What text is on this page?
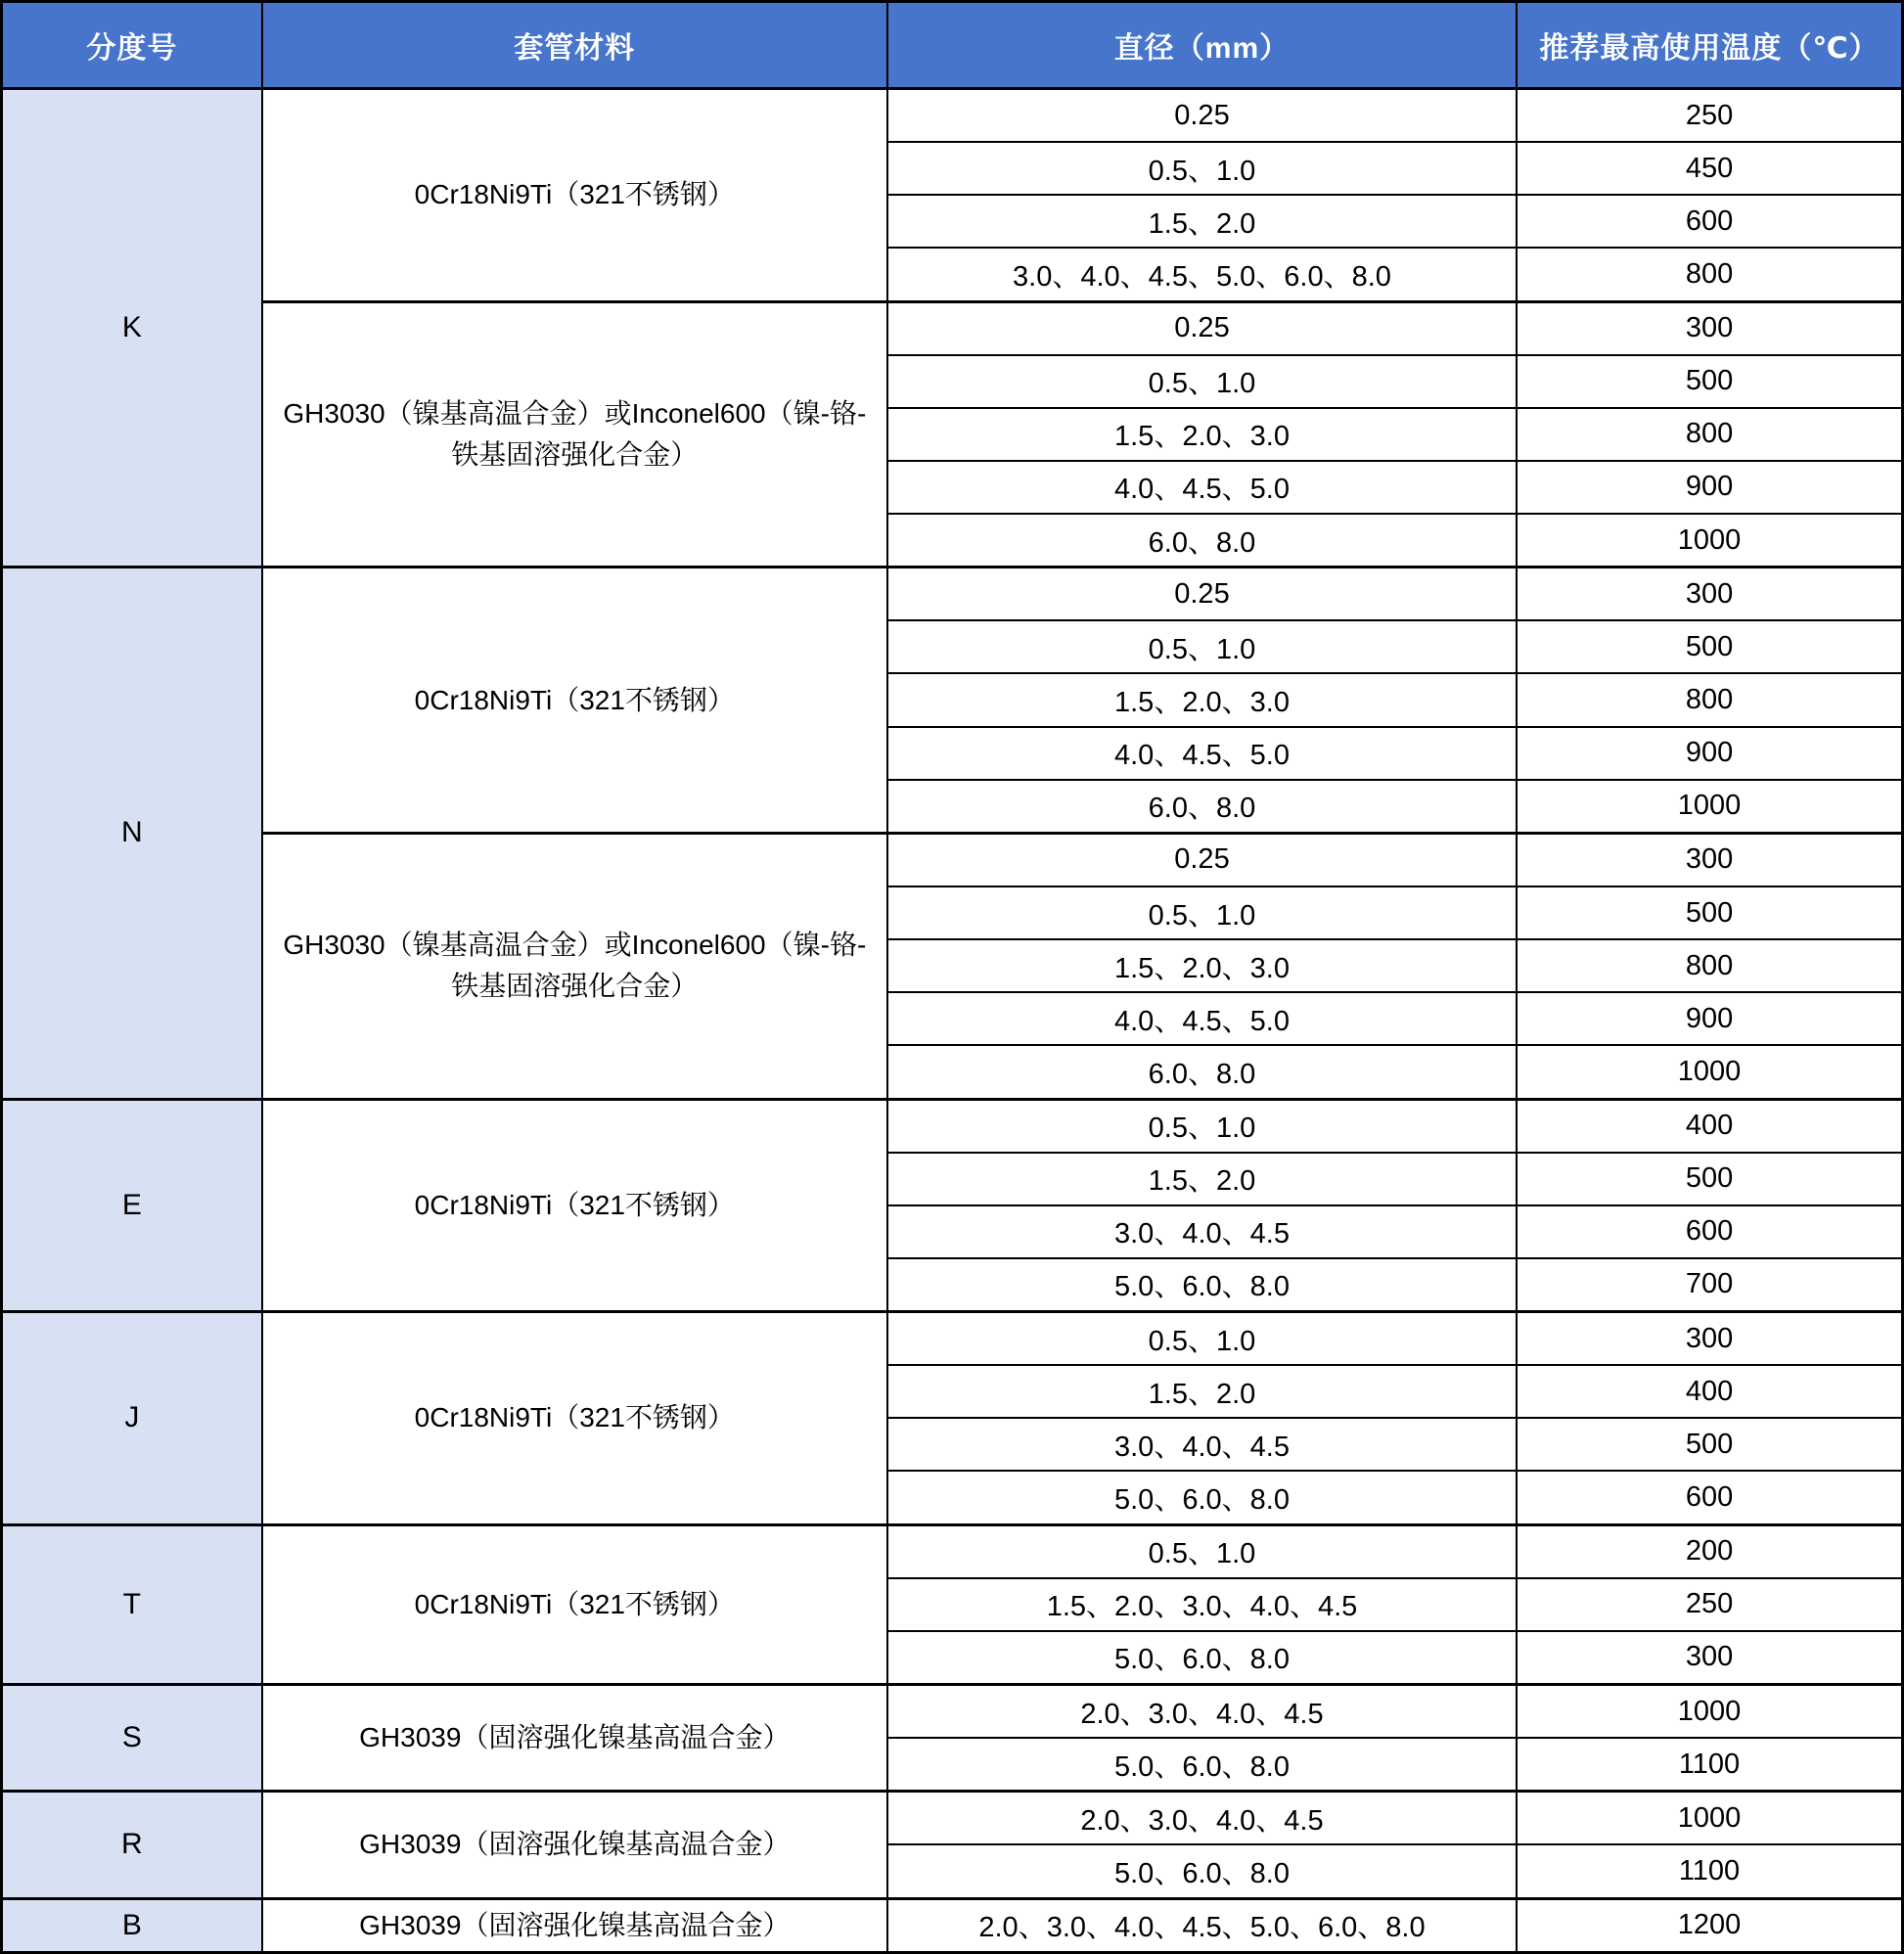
分度号	套管材料	直径（mm）	推荐最高使用温度（℃）
K	0Cr18Ni9Ti（321不锈钢）	0.25	250
		0.5、1.0	450
		1.5、2.0	600
		3.0、4.0、4.5、5.0、6.0、8.0	800
	GH3030（镍基高温合金）或Inconel600（镍-铬-铁基固溶强化合金）	0.25	300
		0.5、1.0	500
		1.5、2.0、3.0	800
		4.0、4.5、5.0	900
		6.0、8.0	1000
N	0Cr18Ni9Ti（321不锈钢）	0.25	300
		0.5、1.0	500
		1.5、2.0、3.0	800
		4.0、4.5、5.0	900
		6.0、8.0	1000
	GH3030（镍基高温合金）或Inconel600（镍-铬-铁基固溶强化合金）	0.25	300
		0.5、1.0	500
		1.5、2.0、3.0	800
		4.0、4.5、5.0	900
		6.0、8.0	1000
E	0Cr18Ni9Ti（321不锈钢）	0.5、1.0	400
		1.5、2.0	500
		3.0、4.0、4.5	600
		5.0、6.0、8.0	700
J	0Cr18Ni9Ti（321不锈钢）	0.5、1.0	300
		1.5、2.0	400
		3.0、4.0、4.5	500
		5.0、6.0、8.0	600
T	0Cr18Ni9Ti（321不锈钢）	0.5、1.0	200
		1.5、2.0、3.0、4.0、4.5	250
		5.0、6.0、8.0	300
S	GH3039（固溶强化镍基高温合金）	2.0、3.0、4.0、4.5	1000
		5.0、6.0、8.0	1100
R	GH3039（固溶强化镍基高温合金）	2.0、3.0、4.0、4.5	1000
		5.0、6.0、8.0	1100
B	GH3039（固溶强化镍基高温合金）	2.0、3.0、4.0、4.5、5.0、6.0、8.0	1200
